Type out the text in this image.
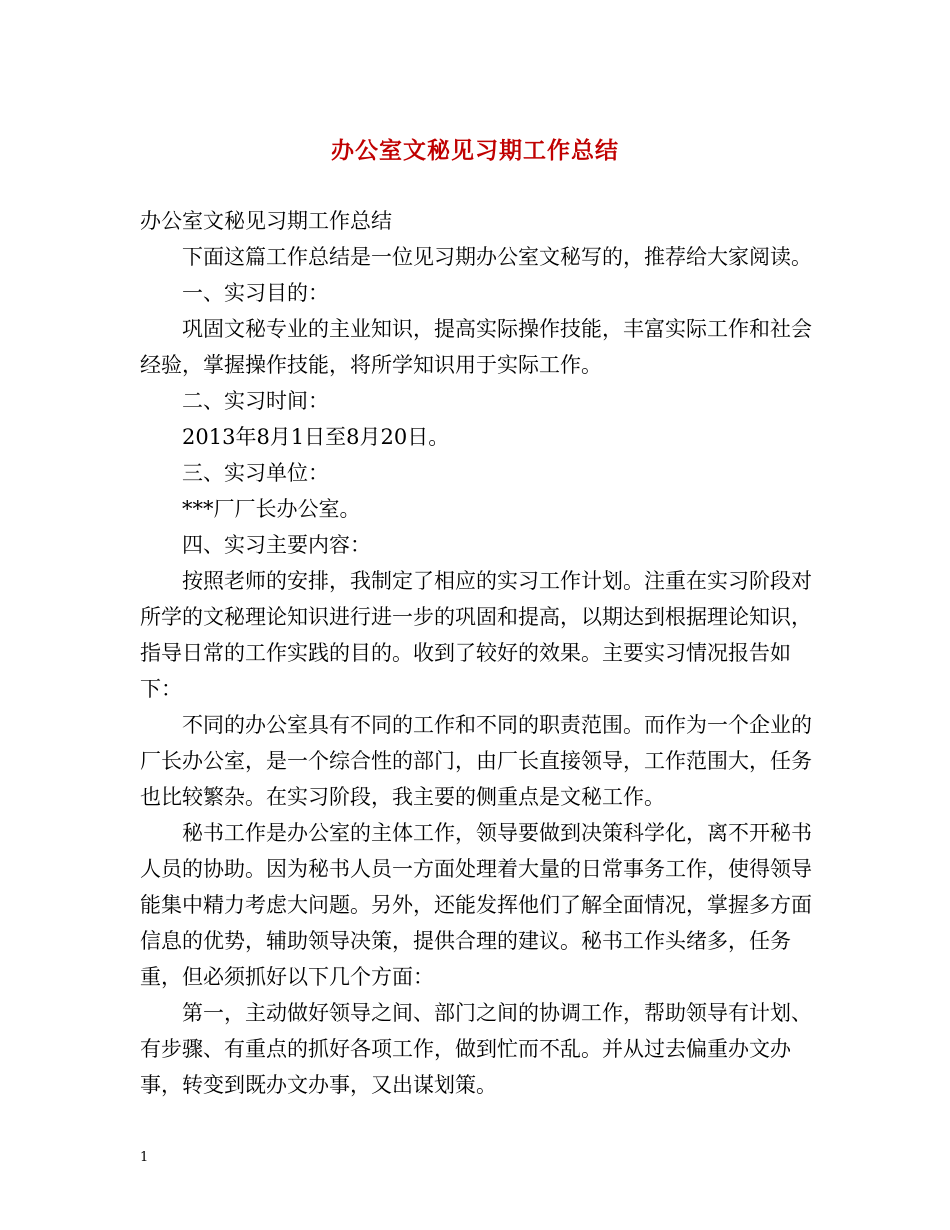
办公室文秘见习期工作总结

办公室文秘见习期工作总结

下面这篇工作总结是一位见习期办公室文秘写的，推荐给大家阅读。

一、实习目的：

巩固文秘专业的主业知识，提高实际操作技能，丰富实际工作和社会经验，掌握操作技能，将所学知识用于实际工作。

二、实习时间：

2013年8月1日至8月20日。

三、实习单位：

***厂厂长办公室。

四、实习主要内容：

按照老师的安排，我制定了相应的实习工作计划。注重在实习阶段对所学的文秘理论知识进行进一步的巩固和提高，以期达到根据理论知识，指导日常的工作实践的目的。收到了较好的效果。主要实习情况报告如下：

不同的办公室具有不同的工作和不同的职责范围。而作为一个企业的厂长办公室，是一个综合性的部门，由厂长直接领导，工作范围大，任务也比较繁杂。在实习阶段，我主要的侧重点是文秘工作。

秘书工作是办公室的主体工作，领导要做到决策科学化，离不开秘书人员的协助。因为秘书人员一方面处理着大量的日常事务工作，使得领导能集中精力考虑大问题。另外，还能发挥他们了解全面情况，掌握多方面信息的优势，辅助领导决策，提供合理的建议。秘书工作头绪多，任务重，但必须抓好以下几个方面：

第一，主动做好领导之间、部门之间的协调工作，帮助领导有计划、有步骤、有重点的抓好各项工作，做到忙而不乱。并从过去偏重办文办事，转变到既办文办事，又出谋划策。

1
